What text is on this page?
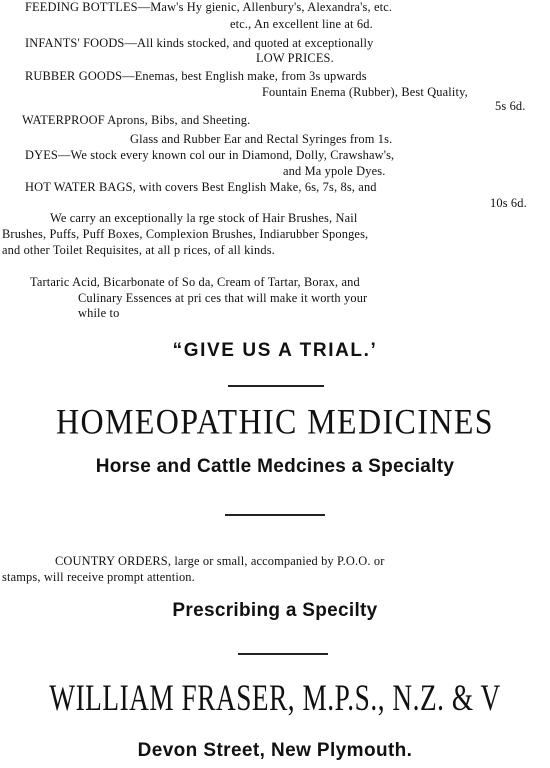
FEEDING BOTTLES—Maw's Hy gienic, Allenbury's, Alexandra's, etc.
etc., An excellent line at 6d.
INFANTS' FOODS—All kinds stocked, and quoted at exceptionally
LOW PRICES.
RUBBER GOODS—Enemas, best English make, from 3s upwards
Fountain Enema (Rubber), Best Quality,
5s 6d.
WATERPROOF Aprons, Bibs, and Sheeting.
Glass and Rubber Ear and Rectal Syringes from 1s.
DYES—We stock every known col our in Diamond, Dolly, Crawshaw's,
and Ma ypole Dyes.
HOT WATER BAGS, with covers Best English Make, 6s, 7s, 8s, and
10s 6d.
We carry an exceptionally la rge stock of Hair Brushes, Nail
Brushes, Puffs, Puff Boxes, Complexion Brushes, Indiarubber Sponges,
and other Toilet Requisites, at all p rices, of all kinds.
Tartaric Acid, Bicarbonate of So da, Cream of Tartar, Borax, and
Culinary Essences at pri ces that will make it worth your
while to
“GIVE US A TRIAL.’
HOMEOPATHIC MEDICINES
Horse and Cattle Medcines a Specialty
COUNTRY ORDERS, large or small, accompanied by P.O.O. or
stamps, will receive prompt attention.
Prescribing a Specilty
WILLIAM FRASER, M.P.S., N.Z. & V
Devon Street, New Plymouth.
